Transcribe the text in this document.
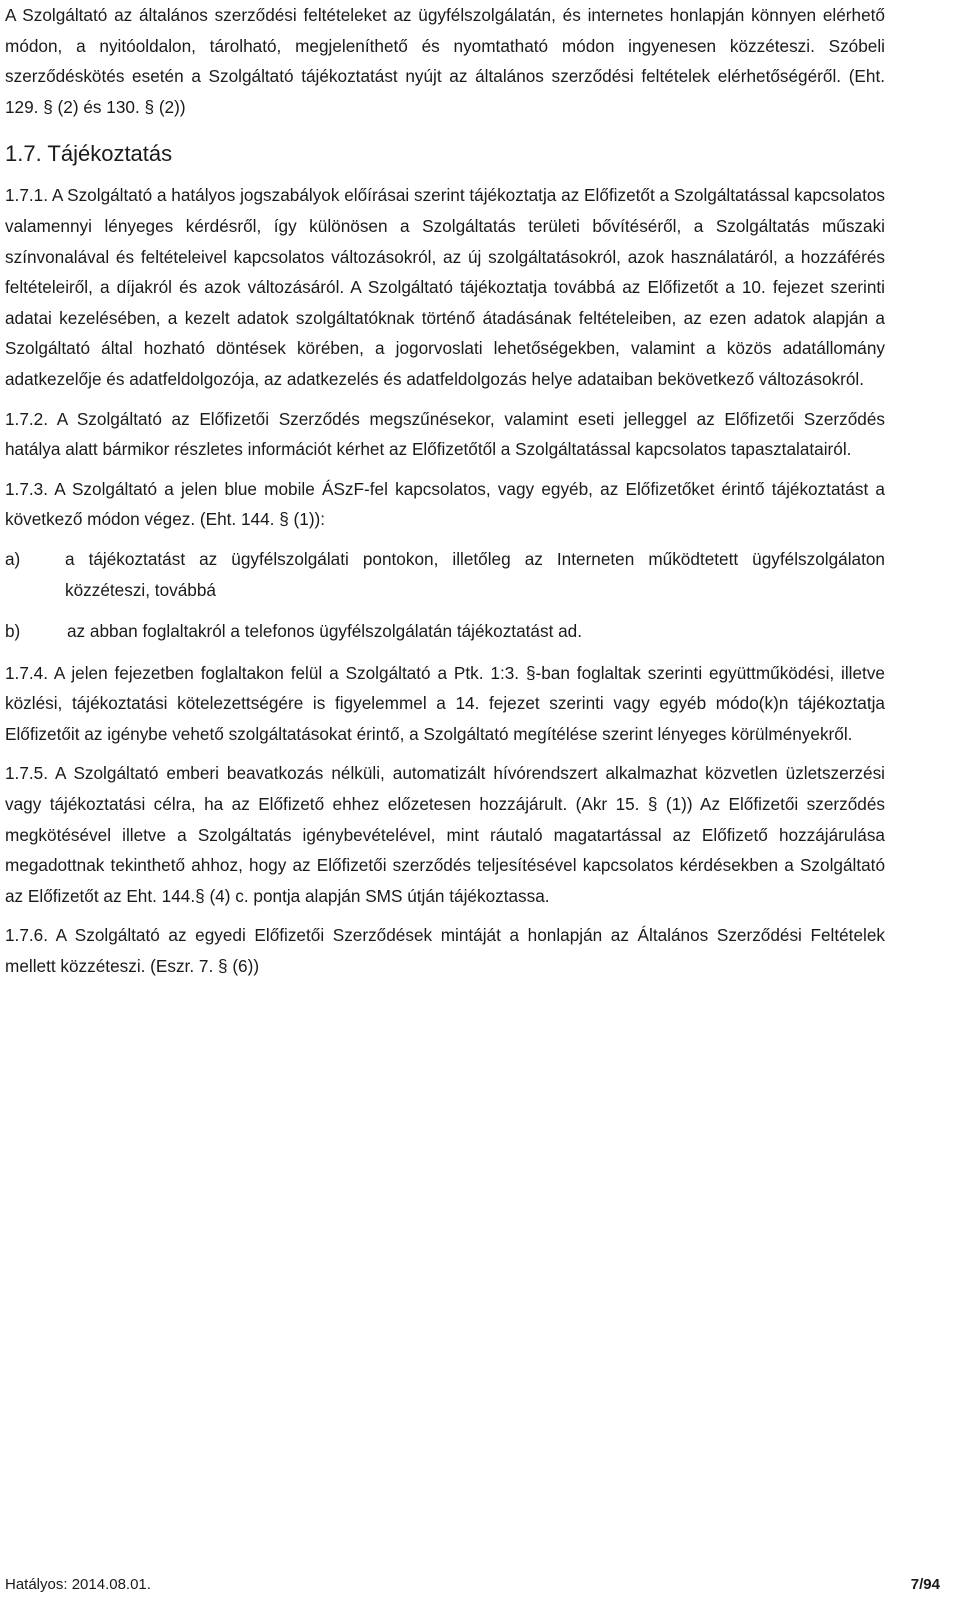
A Szolgáltató az általános szerződési feltételeket az ügyfélszolgálatán, és internetes honlapján könnyen elérhető módon, a nyitóoldalon, tárolható, megjeleníthető és nyomtatható módon ingyenesen közzéteszi. Szóbeli szerződéskötés esetén a Szolgáltató tájékoztatást nyújt az általános szerződési feltételek elérhetőségéről. (Eht. 129. § (2) és 130. § (2))

1.7. Tájékoztatás

1.7.1. A Szolgáltató a hatályos jogszabályok előírásai szerint tájékoztatja az Előfizetőt a Szolgáltatással kapcsolatos valamennyi lényeges kérdésről, így különösen a Szolgáltatás területi bővítéséről, a Szolgáltatás műszaki színvonalával és feltételeivel kapcsolatos változásokról, az új szolgáltatásokról, azok használatáról, a hozzáférés feltételeiről, a díjakról és azok változásáról. A Szolgáltató tájékoztatja továbbá az Előfizetőt a 10. fejezet szerinti adatai kezelésében, a kezelt adatok szolgáltatóknak történő átadásának feltételeiben, az ezen adatok alapján a Szolgáltató által hozható döntések körében, a jogorvoslati lehetőségekben, valamint a közös adatállomány adatkezelője és adatfeldolgozója, az adatkezelés és adatfeldolgozás helye adataiban bekövetkező változásokról.

1.7.2. A Szolgáltató az Előfizetői Szerződés megszűnésekor, valamint eseti jelleggel az Előfizetői Szerződés hatálya alatt bármikor részletes információt kérhet az Előfizetőtől a Szolgáltatással kapcsolatos tapasztalatairól.

1.7.3. A Szolgáltató a jelen blue mobile ÁSzF-fel kapcsolatos, vagy egyéb, az Előfizetőket érintő tájékoztatást a következő módon végez. (Eht. 144. § (1)):

a)	a tájékoztatást az ügyfélszolgálati pontokon, illetőleg az Interneten működtetett ügyfélszolgálaton közzéteszi, továbbá
b)	az abban foglaltakról a telefonos ügyfélszolgálatán tájékoztatást ad.

1.7.4. A jelen fejezetben foglaltakon felül a Szolgáltató a Ptk. 1:3. §-ban foglaltak szerinti együttműködési, illetve közlési, tájékoztatási kötelezettségére is figyelemmel a 14. fejezet szerinti vagy egyéb módo(k)n tájékoztatja Előfizetőit az igénybe vehető szolgáltatásokat érintő, a Szolgáltató megítélése szerint lényeges körülményekről.

1.7.5. A Szolgáltató emberi beavatkozás nélküli, automatizált hívórendszert alkalmazhat közvetlen üzletszerzési vagy tájékoztatási célra, ha az Előfizető ehhez előzetesen hozzájárult. (Akr 15. § (1)) Az Előfizetői szerződés megkötésével illetve a Szolgáltatás igénybevételével, mint ráutaló magatartással az Előfizető hozzájárulása megadottnak tekinthető ahhoz, hogy az Előfizetői szerződés teljesítésével kapcsolatos kérdésekben a Szolgáltató az Előfizetőt az Eht. 144.§ (4) c. pontja alapján SMS útján tájékoztassa.

1.7.6. A Szolgáltató az egyedi Előfizetői Szerződések mintáját a honlapján az Általános Szerződési Feltételek mellett közzéteszi. (Eszr. 7. § (6))

Hatályos: 2014.08.01.	7/94
